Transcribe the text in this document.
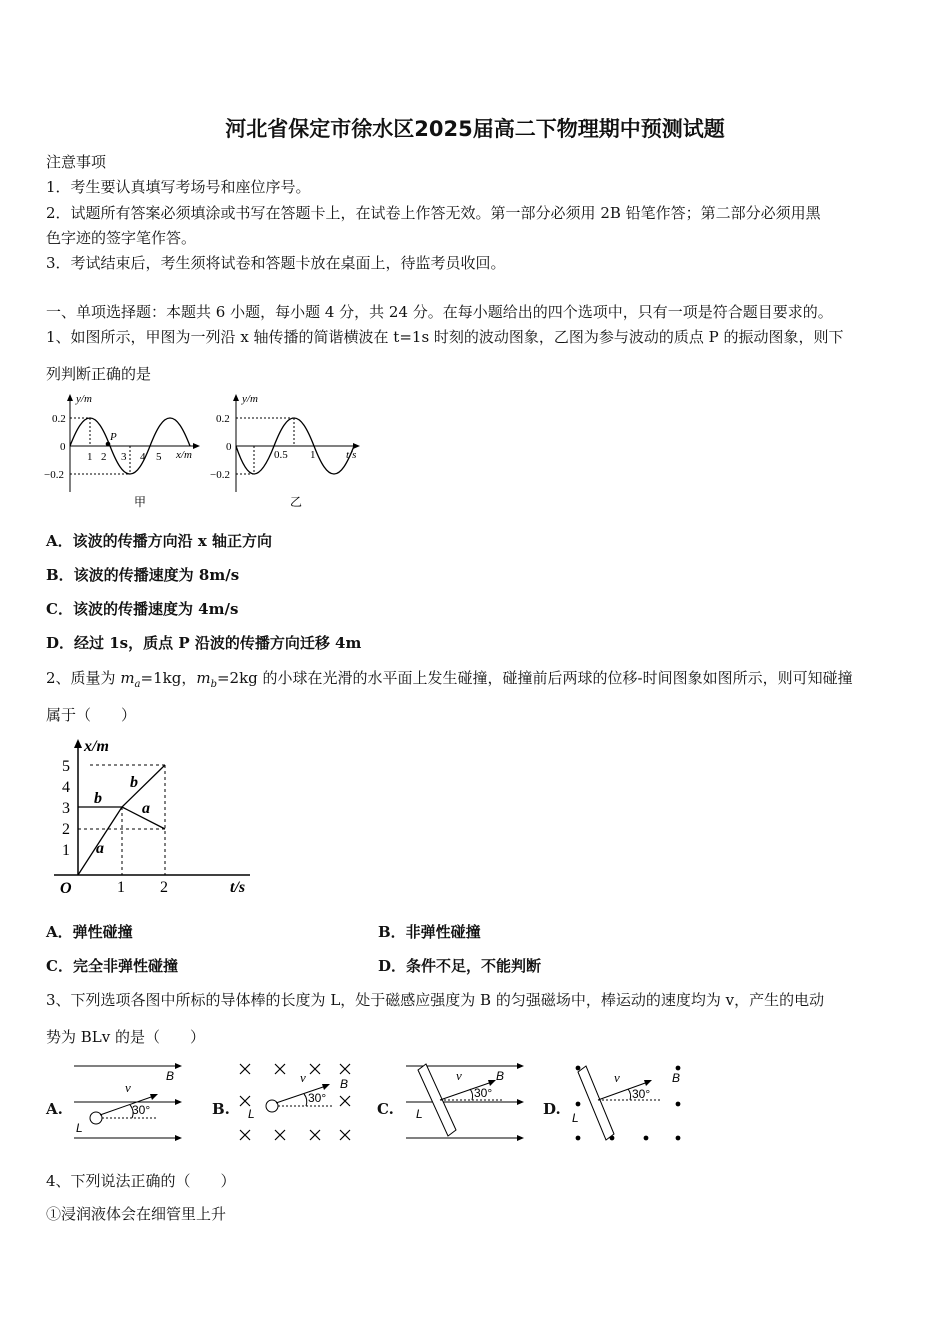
河北省保定市徐水区2025届高二下物理期中预测试题
注意事项
1．考生要认真填写考场号和座位序号。
2．试题所有答案必须填涂或书写在答题卡上，在试卷上作答无效。第一部分必须用 2B 铅笔作答；第二部分必须用黑
色字迹的签字笔作答。
3．考试结束后，考生须将试卷和答题卡放在桌面上，待监考员收回。
一、单项选择题：本题共 6 小题，每小题 4 分，共 24 分。在每小题给出的四个选项中，只有一项是符合题目要求的。
1、如图所示，甲图为一列沿 x 轴传播的简谐横波在 t=1s 时刻的波动图象，乙图为参与波动的质点 P 的振动图象，则下
列判断正确的是
y/m
x/m
0.2
0
−0.2
1 2 3 4 5
P
甲
y/m
t/s
0.2
0
−0.2
0.5 1
乙
A．该波的传播方向沿 x 轴正方向
B．该波的传播速度为 8m/s
C．该波的传播速度为 4m/s
D．经过 1s，质点 P 沿波的传播方向迁移 4m
2、质量为 $m_a=1kg$，$m_b=2kg$ 的小球在光滑的水平面上发生碰撞，碰撞前后两球的位移-时间图象如图所示，则可知碰撞
属于（　　）
x/m
t/s
O
1
2
3
4
5
1 2
a
b
b
a
A．弹性碰撞	B．非弹性碰撞
C．完全非弹性碰撞	D．条件不足，不能判断
3、下列选项各图中所标的导体棒的长度为 L，处于磁感应强度为 B 的匀强磁场中，棒运动的速度均为 v，产生的电动
势为 BLv 的是（　　）
A.
v
B
L
30°	B.
v	B
L
30°
C.
v	B
L
30°
D.
v	B
L
30°
4、下列说法正确的（　　）
①浸润液体会在细管里上升
